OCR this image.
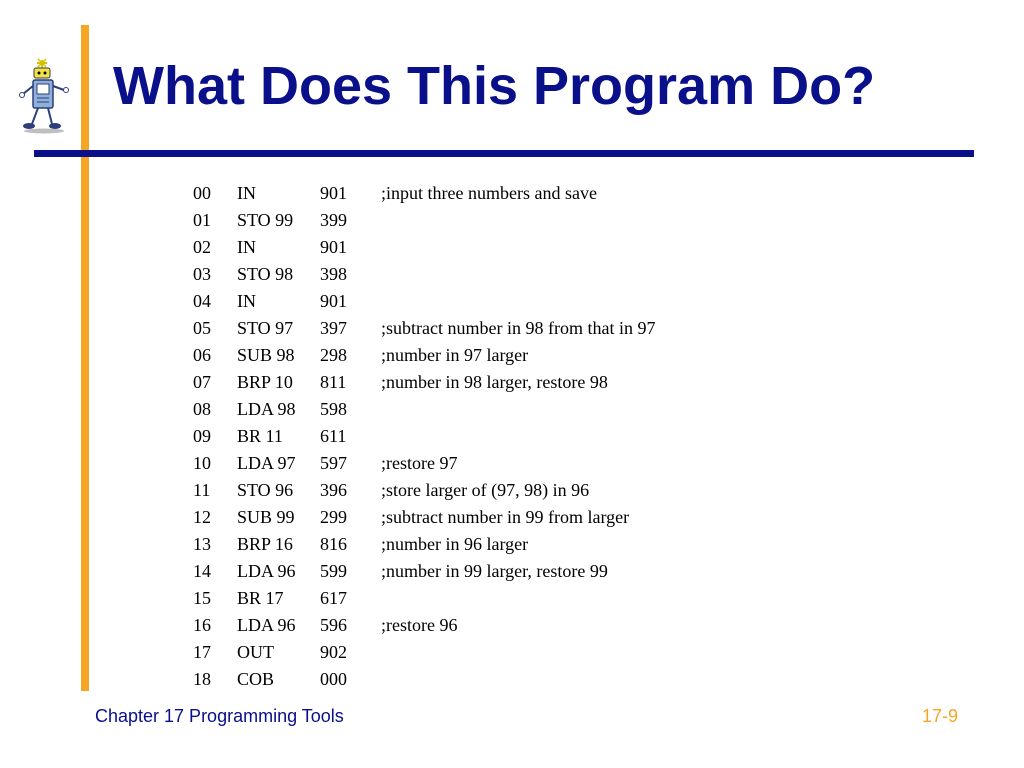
What Does This Program Do?
00 IN	901 ;input three numbers and save
01 STO 99 399
02 IN	901
03 STO 98 398
04 IN	901
05 STO 97 397 ;subtract number in 98 from that in 97
06 SUB 98 298 ;number in 97 larger
07 BRP 10 811 ;number in 98 larger, restore 98
08 LDA 98 598
09 BR 11 611
10 LDA 97 597 ;restore 97
11 STO 96 396 ;store larger of (97, 98) in 96
12 SUB 99 299 ;subtract number in 99 from larger
13 BRP 16 816 ;number in 96 larger
14 LDA 96 599 ;number in 99 larger, restore 99
15 BR 17 617
16 LDA 96 596 ;restore 96
17 OUT	902
18 COB	000
Chapter 17 Programming Tools	17-9
